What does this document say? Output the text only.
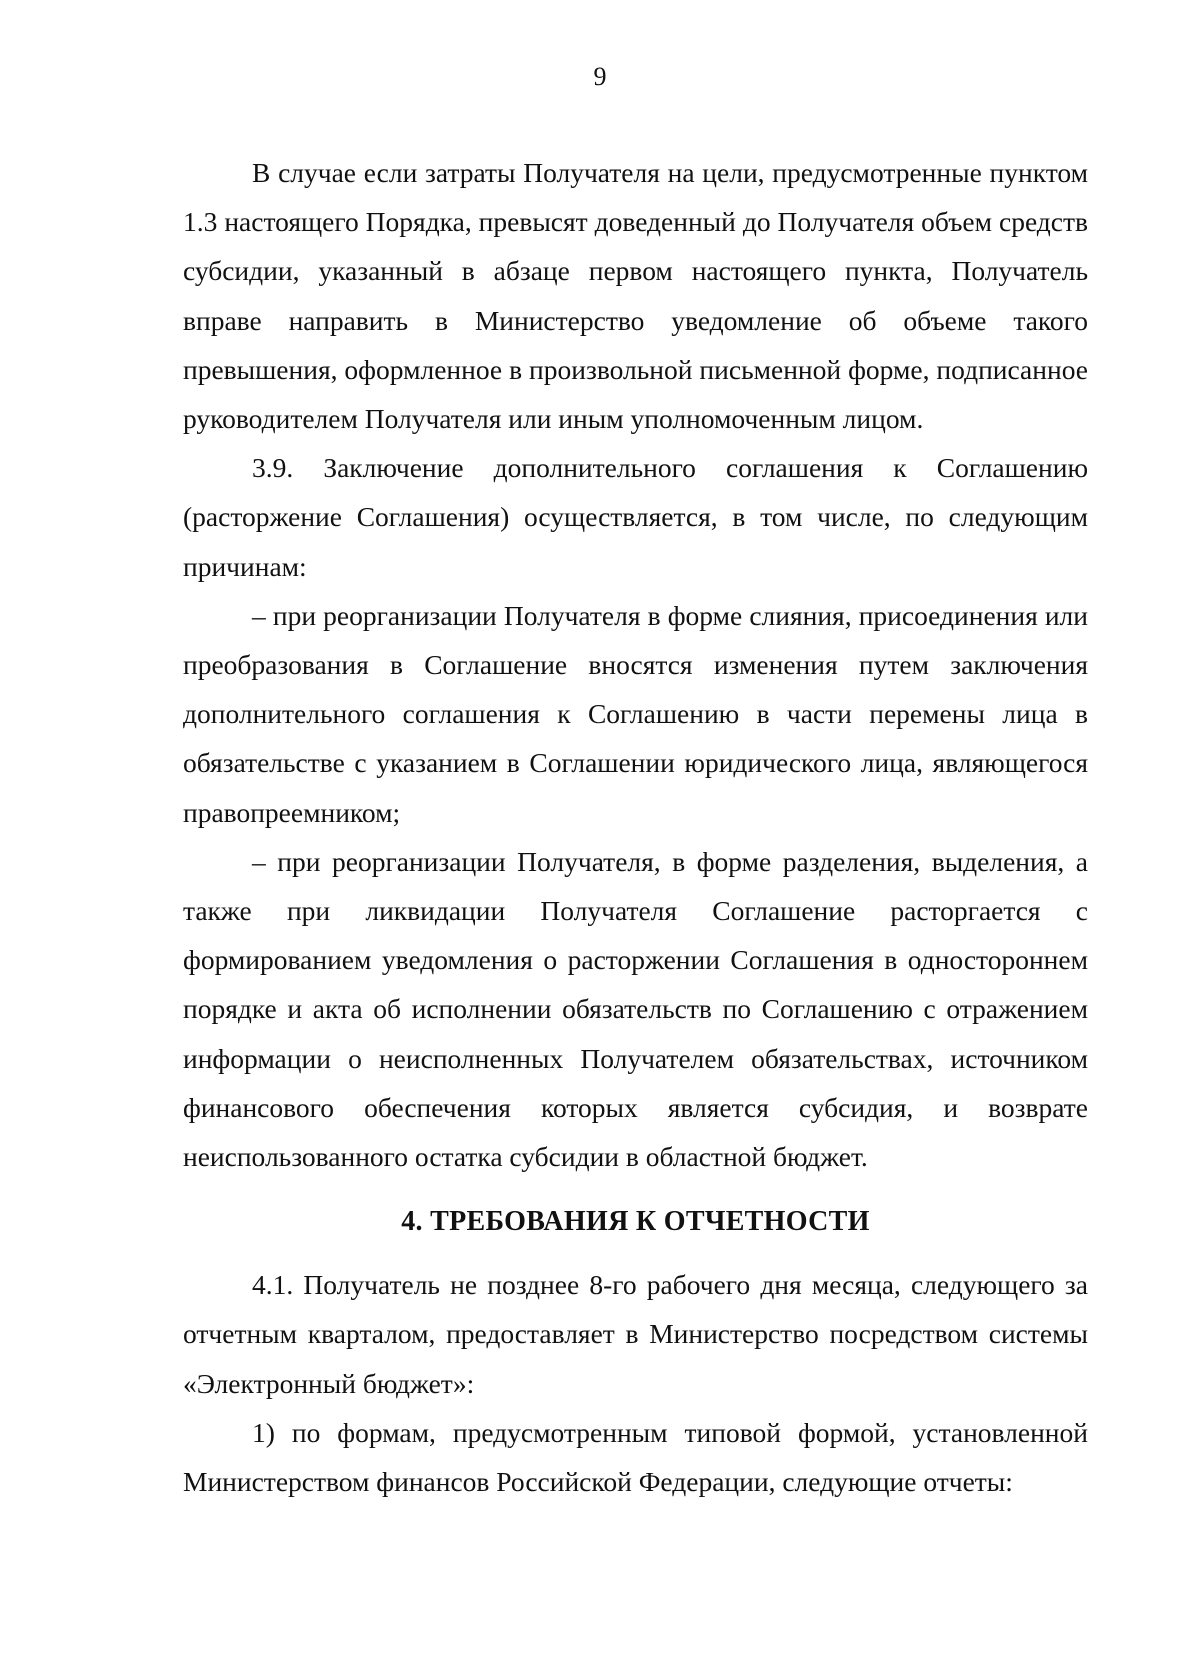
9

В случае если затраты Получателя на цели, предусмотренные пунктом 1.3 настоящего Порядка, превысят доведенный до Получателя объем средств субсидии, указанный в абзаце первом настоящего пункта, Получатель вправе направить в Министерство уведомление об объеме такого превышения, оформленное в произвольной письменной форме, подписанное руководителем Получателя или иным уполномоченным лицом.

3.9. Заключение дополнительного соглашения к Соглашению (расторжение Соглашения) осуществляется, в том числе, по следующим причинам:

– при реорганизации Получателя в форме слияния, присоединения или преобразования в Соглашение вносятся изменения путем заключения дополнительного соглашения к Соглашению в части перемены лица в обязательстве с указанием в Соглашении юридического лица, являющегося правопреемником;

– при реорганизации Получателя, в форме разделения, выделения, а также при ликвидации Получателя Соглашение расторгается с формированием уведомления о расторжении Соглашения в одностороннем порядке и акта об исполнении обязательств по Соглашению с отражением информации о неисполненных Получателем обязательствах, источником финансового обеспечения которых является субсидия, и возврате неиспользованного остатка субсидии в областной бюджет.

4. ТРЕБОВАНИЯ К ОТЧЕТНОСТИ

4.1. Получатель не позднее 8-го рабочего дня месяца, следующего за отчетным кварталом, предоставляет в Министерство посредством системы «Электронный бюджет»:

1) по формам, предусмотренным типовой формой, установленной Министерством финансов Российской Федерации, следующие отчеты:
